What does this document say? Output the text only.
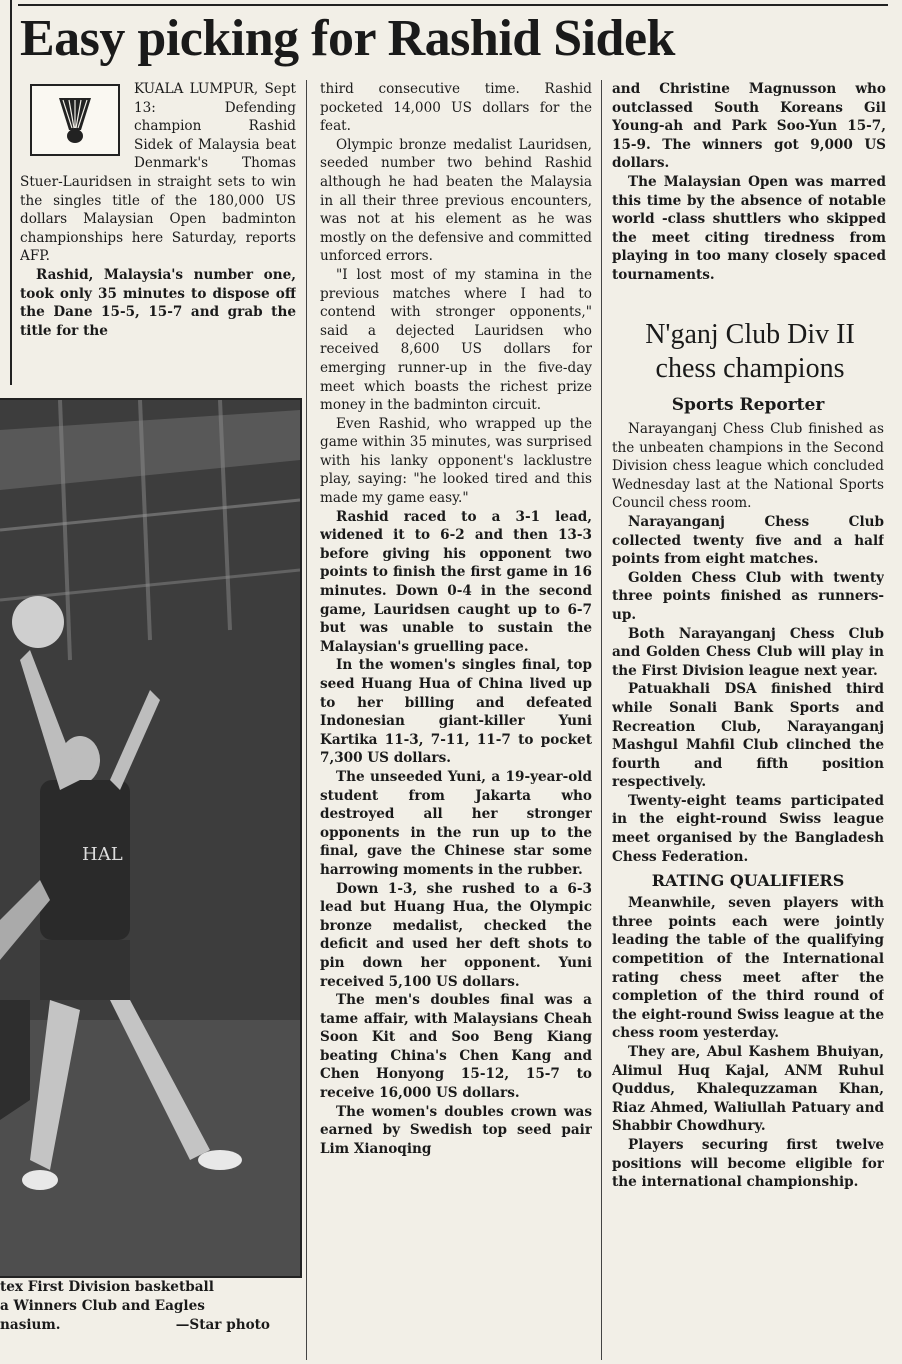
Easy picking for Rashid Sidek

KUALA LUMPUR, Sept 13: Defending champion Rashid Sidek of Malaysia beat Denmark's Thomas Stuer-Lauridsen in straight sets to win the singles title of the 180,000 US dollars Malaysian Open badminton championships here Saturday, reports AFP.

Rashid, Malaysia's number one, took only 35 minutes to dispose off the Dane 15-5, 15-7 and grab the title for the

HAL
tex First Division basketball
a Winners Club and Eagles
nasium.	—Star photo

third consecutive time. Rashid pocketed 14,000 US dollars for the feat.

Olympic bronze medalist Lauridsen, seeded number two behind Rashid although he had beaten the Malaysia in all their three previous encounters, was not at his element as he was mostly on the defensive and committed unforced errors.

"I lost most of my stamina in the previous matches where I had to contend with stronger opponents," said a dejected Lauridsen who received 8,600 US dollars for emerging runner-up in the five-day meet which boasts the richest prize money in the badminton circuit.

Even Rashid, who wrapped up the game within 35 minutes, was surprised with his lanky opponent's lacklustre play, saying: "he looked tired and this made my game easy."

Rashid raced to a 3-1 lead, widened it to 6-2 and then 13-3 before giving his opponent two points to finish the first game in 16 minutes. Down 0-4 in the second game, Lauridsen caught up to 6-7 but was unable to sustain the Malaysian's gruelling pace.

In the women's singles final, top seed Huang Hua of China lived up to her billing and defeated Indonesian giant-killer Yuni Kartika 11-3, 7-11, 11-7 to pocket 7,300 US dollars.

The unseeded Yuni, a 19-year-old student from Jakarta who destroyed all her stronger opponents in the run up to the final, gave the Chinese star some harrowing moments in the rubber.

Down 1-3, she rushed to a 6-3 lead but Huang Hua, the Olympic bronze medalist, checked the deficit and used her deft shots to pin down her opponent. Yuni received 5,100 US dollars.

The men's doubles final was a tame affair, with Malaysians Cheah Soon Kit and Soo Beng Kiang beating China's Chen Kang and Chen Honyong 15-12, 15-7 to receive 16,000 US dollars.

The women's doubles crown was earned by Swedish top seed pair Lim Xianoqing

and Christine Magnusson who outclassed South Koreans Gil Young-ah and Park Soo-Yun 15-7, 15-9. The winners got 9,000 US dollars.

The Malaysian Open was marred this time by the absence of notable world -class shuttlers who skipped the meet citing tiredness from playing in too many closely spaced tournaments.

N'ganj Club Div II
chess champions
Sports Reporter

Narayanganj Chess Club finished as the unbeaten champions in the Second Division chess league which concluded Wednesday last at the National Sports Council chess room.

Narayanganj Chess Club collected twenty five and a half points from eight matches.

Golden Chess Club with twenty three points finished as runners-up.

Both Narayanganj Chess Club and Golden Chess Club will play in the First Division league next year.

Patuakhali DSA finished third while Sonali Bank Sports and Recreation Club, Narayanganj Mashgul Mahfil Club clinched the fourth and fifth position respectively.

Twenty-eight teams participated in the eight-round Swiss league meet organised by the Bangladesh Chess Federation.

RATING QUALIFIERS

Meanwhile, seven players with three points each were jointly leading the table of the qualifying competition of the International rating chess meet after the completion of the third round of the eight-round Swiss league at the chess room yesterday.

They are, Abul Kashem Bhuiyan, Alimul Huq Kajal, ANM Ruhul Quddus, Khalequzzaman Khan, Riaz Ahmed, Waliullah Patuary and Shabbir Chowdhury.

Players securing first twelve positions will become eligible for the international championship.
